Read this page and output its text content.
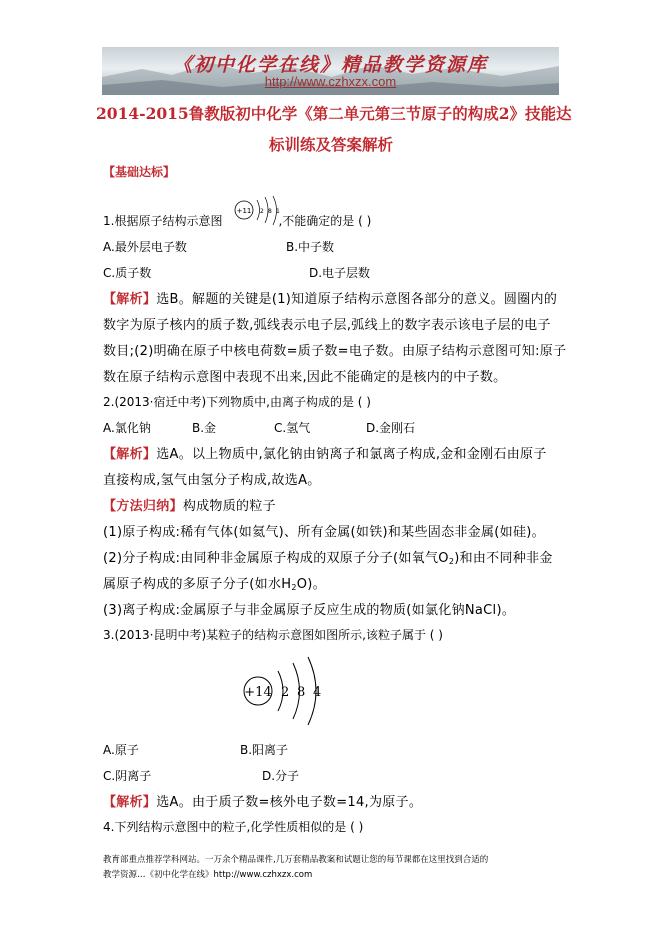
《初中化学在线》精品教学资源库
http://www.czhxzx.com
2014-2015鲁教版初中化学《第二单元第三节原子的构成2》技能达
标训练及答案解析
【基础达标】
1.根据原子结构示意图	,不能确定的是 ( )
+11 2 8 1
A.最外层电子数	B.中子数
C.质子数	D.电子层数
【解析】选B。解题的关键是(1)知道原子结构示意图各部分的意义。圆圈内的
数字为原子核内的质子数,弧线表示电子层,弧线上的数字表示该电子层的电子
数目;(2)明确在原子中核电荷数=质子数=电子数。由原子结构示意图可知:原子
数在原子结构示意图中表现不出来,因此不能确定的是核内的中子数。
2.(2013·宿迁中考)下列物质中,由离子构成的是 ( )
A.氯化钠	B.金	C.氢气	D.金刚石
【解析】选A。以上物质中,氯化钠由钠离子和氯离子构成,金和金刚石由原子
直接构成,氢气由氢分子构成,故选A。
【方法归纳】构成物质的粒子
(1)原子构成:稀有气体(如氦气)、所有金属(如铁)和某些固态非金属(如硅)。
(2)分子构成:由同种非金属原子构成的双原子分子(如氧气$O_2$)和由不同种非金
属原子构成的多原子分子(如水$H_2O$)。
(3)离子构成:金属原子与非金属原子反应生成的物质(如氯化钠NaCl)。
3.(2013·昆明中考)某粒子的结构示意图如图所示,该粒子属于 ( )
+14 2 8 4
A.原子	B.阳离子
C.阴离子	D.分子
【解析】选A。由于质子数=核外电子数=14,为原子。
4.下列结构示意图中的粒子,化学性质相似的是 ( )
教育部重点推荐学科网站。一万余个精品课件,几万套精品教案和试题让您的每节课都在这里找到合适的
教学资源…《初中化学在线》http://www.czhxzx.com
